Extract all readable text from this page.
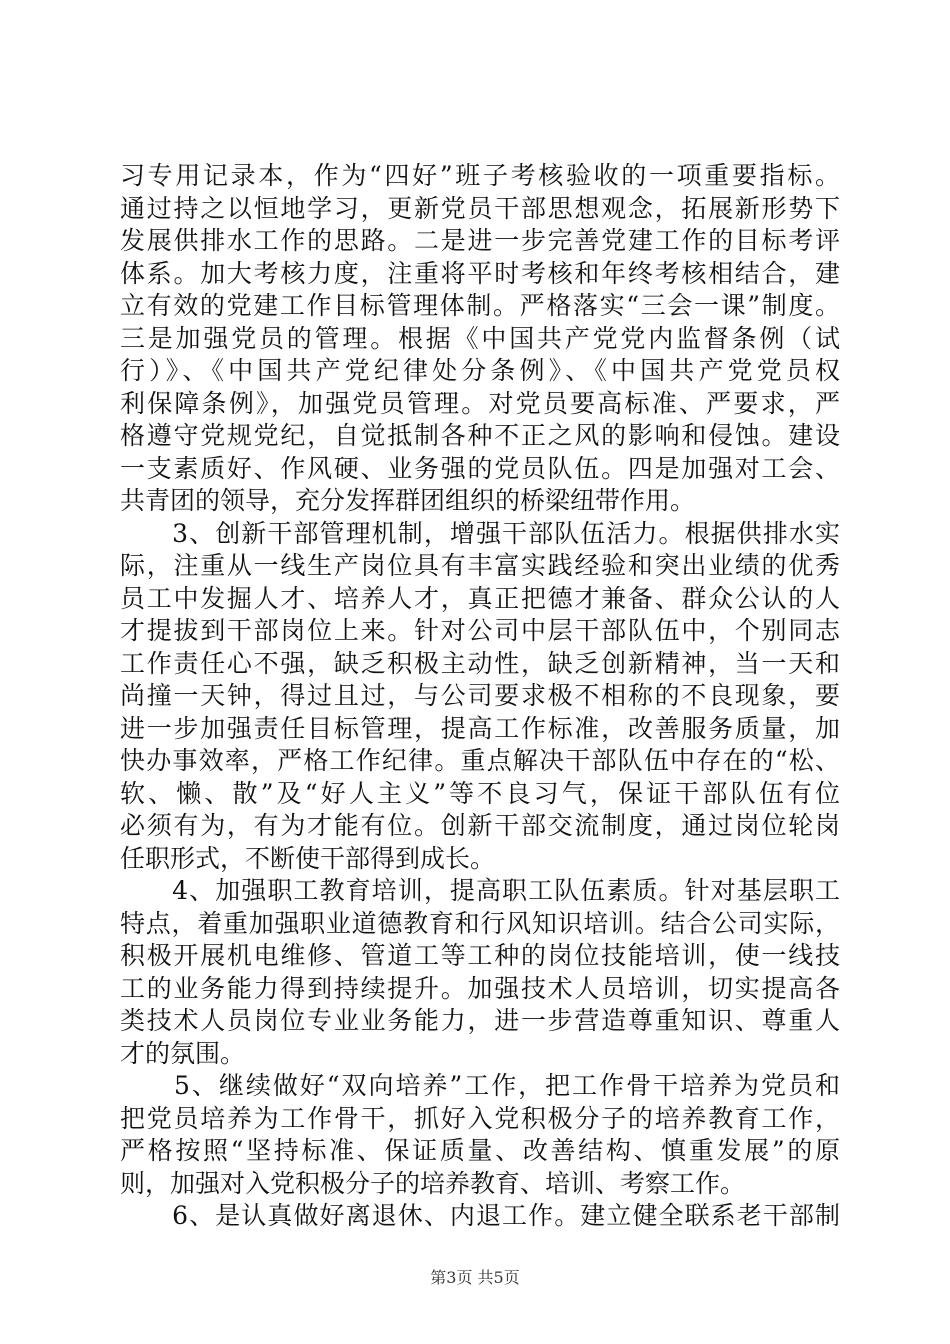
习专用记录本，作为“四好”班子考核验收的一项重要指标。
通过持之以恒地学习，更新党员干部思想观念，拓展新形势下
发展供排水工作的思路。二是进一步完善党建工作的目标考评
体系。加大考核力度，注重将平时考核和年终考核相结合，建
立有效的党建工作目标管理体制。严格落实“三会一课”制度。
三是加强党员的管理。根据《中国共产党党内监督条例（试
行）》、《中国共产党纪律处分条例》、《中国共产党党员权
利保障条例》，加强党员管理。对党员要高标准、严要求，严
格遵守党规党纪，自觉抵制各种不正之风的影响和侵蚀。建设
一支素质好、作风硬、业务强的党员队伍。四是加强对工会、
共青团的领导，充分发挥群团组织的桥梁纽带作用。
　　3、创新干部管理机制，增强干部队伍活力。根据供排水实
际，注重从一线生产岗位具有丰富实践经验和突出业绩的优秀
员工中发掘人才、培养人才，真正把德才兼备、群众公认的人
才提拔到干部岗位上来。针对公司中层干部队伍中，个别同志
工作责任心不强，缺乏积极主动性，缺乏创新精神，当一天和
尚撞一天钟，得过且过，与公司要求极不相称的不良现象，要
进一步加强责任目标管理，提高工作标准，改善服务质量，加
快办事效率，严格工作纪律。重点解决干部队伍中存在的“松、
软、懒、散”及“好人主义”等不良习气，保证干部队伍有位
必须有为，有为才能有位。创新干部交流制度，通过岗位轮岗
任职形式，不断使干部得到成长。
　　4、加强职工教育培训，提高职工队伍素质。针对基层职工
特点，着重加强职业道德教育和行风知识培训。结合公司实际，
积极开展机电维修、管道工等工种的岗位技能培训，使一线技
工的业务能力得到持续提升。加强技术人员培训，切实提高各
类技术人员岗位专业业务能力，进一步营造尊重知识、尊重人
才的氛围。
　　5、继续做好“双向培养”工作，把工作骨干培养为党员和
把党员培养为工作骨干，抓好入党积极分子的培养教育工作，
严格按照“坚持标准、保证质量、改善结构、慎重发展”的原
则，加强对入党积极分子的培养教育、培训、考察工作。
　　6、是认真做好离退休、内退工作。建立健全联系老干部制
第3页 共5页
